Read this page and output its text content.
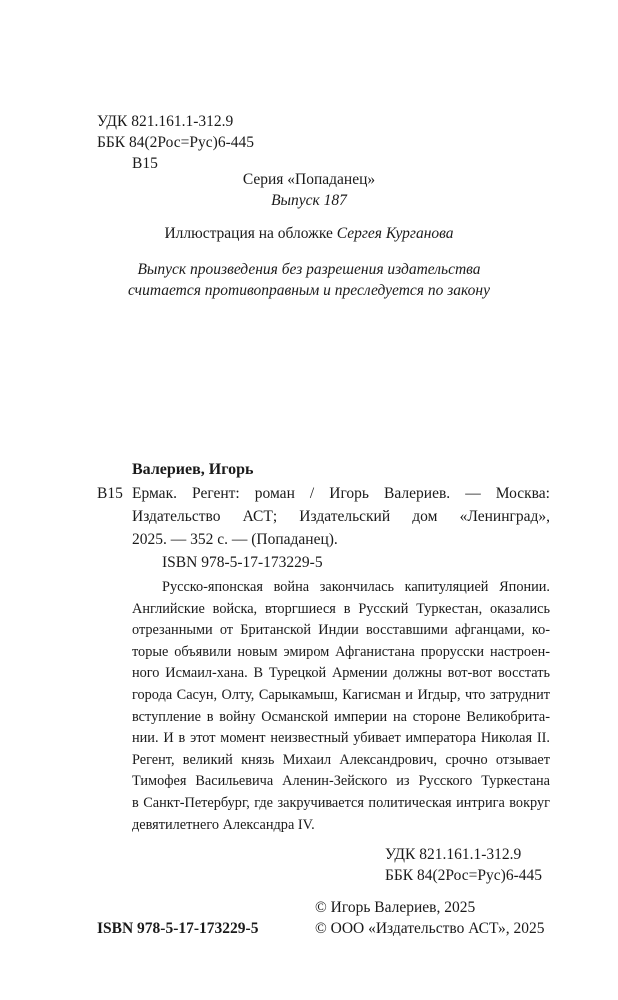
УДК 821.161.1-312.9
ББК 84(2Рос=Рус)6-445
В15
Серия «Попаданец»
Выпуск 187
Иллюстрация на обложке Сергея Курганова
Выпуск произведения без разрешения издательства
считается противоправным и преследуется по закону
Валериев, Игорь
В15 Ермак. Регент: роман / Игорь Валериев. — Москва:
Издательство АСТ; Издательский дом «Ленинград»,
2025. — 352 с. — (Попаданец).
ISBN 978-5-17-173229-5
Русско-японская война закончилась капитуляцией Японии.
Английские войска, вторгшиеся в Русский Туркестан, оказались
отрезанными от Британской Индии восставшими афганцами, ко-
торые объявили новым эмиром Афганистана прорусски настроен-
ного Исмаил-хана. В Турецкой Армении должны вот-вот восстать
города Сасун, Олту, Сарыкамыш, Кагисман и Игдыр, что затруднит
вступление в войну Османской империи на стороне Великобрита-
нии. И в этот момент неизвестный убивает императора Николая II.
Регент, великий князь Михаил Александрович, срочно отзывает
Тимофея Васильевича Аленин-Зейского из Русского Туркестана
в Санкт-Петербург, где закручивается политическая интрига вокруг
девятилетнего Александра IV.
УДК 821.161.1-312.9
ББК 84(2Рос=Рус)6-445
© Игорь Валериев, 2025
ISBN 978-5-17-173229-5	© ООО «Издательство АСТ», 2025
